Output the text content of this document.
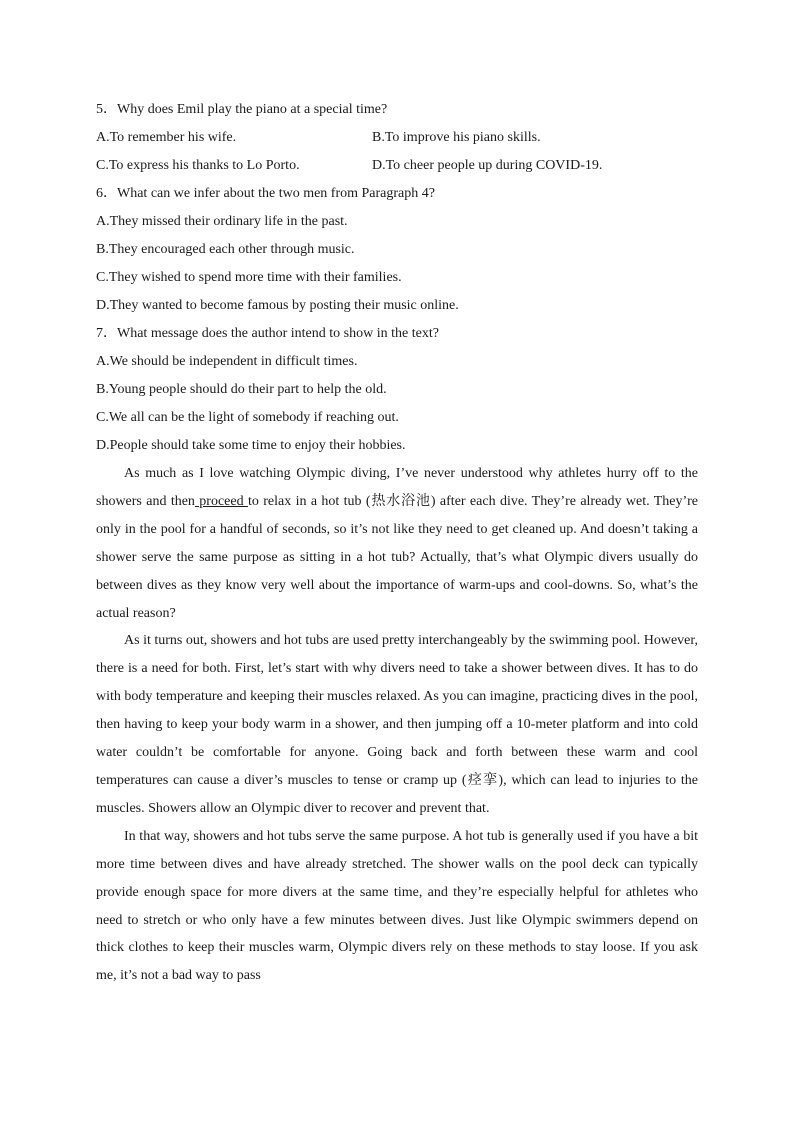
5．Why does Emil play the piano at a special time?
A.To remember his wife.	B.To improve his piano skills.
C.To express his thanks to Lo Porto.	D.To cheer people up during COVID-19.
6．What can we infer about the two men from Paragraph 4?
A.They missed their ordinary life in the past.
B.They encouraged each other through music.
C.They wished to spend more time with their families.
D.They wanted to become famous by posting their music online.
7．What message does the author intend to show in the text?
A.We should be independent in difficult times.
B.Young people should do their part to help the old.
C.We all can be the light of somebody if reaching out.
D.People should take some time to enjoy their hobbies.

As much as I love watching Olympic diving, I’ve never understood why athletes hurry off to the showers and then proceed to relax in a hot tub (热水浴池) after each dive. They’re already wet. They’re only in the pool for a handful of seconds, so it’s not like they need to get cleaned up. And doesn’t taking a shower serve the same purpose as sitting in a hot tub? Actually, that’s what Olympic divers usually do between dives as they know very well about the importance of warm-ups and cool-downs. So, what’s the actual reason?

As it turns out, showers and hot tubs are used pretty interchangeably by the swimming pool. However, there is a need for both. First, let’s start with why divers need to take a shower between dives. It has to do with body temperature and keeping their muscles relaxed. As you can imagine, practicing dives in the pool, then having to keep your body warm in a shower, and then jumping off a 10-meter platform and into cold water couldn’t be comfortable for anyone. Going back and forth between these warm and cool temperatures can cause a diver’s muscles to tense or cramp up (痉挛), which can lead to injuries to the muscles. Showers allow an Olympic diver to recover and prevent that.

In that way, showers and hot tubs serve the same purpose. A hot tub is generally used if you have a bit more time between dives and have already stretched. The shower walls on the pool deck can typically provide enough space for more divers at the same time, and they’re especially helpful for athletes who need to stretch or who only have a few minutes between dives. Just like Olympic swimmers depend on thick clothes to keep their muscles warm, Olympic divers rely on these methods to stay loose. If you ask me, it’s not a bad way to pass
